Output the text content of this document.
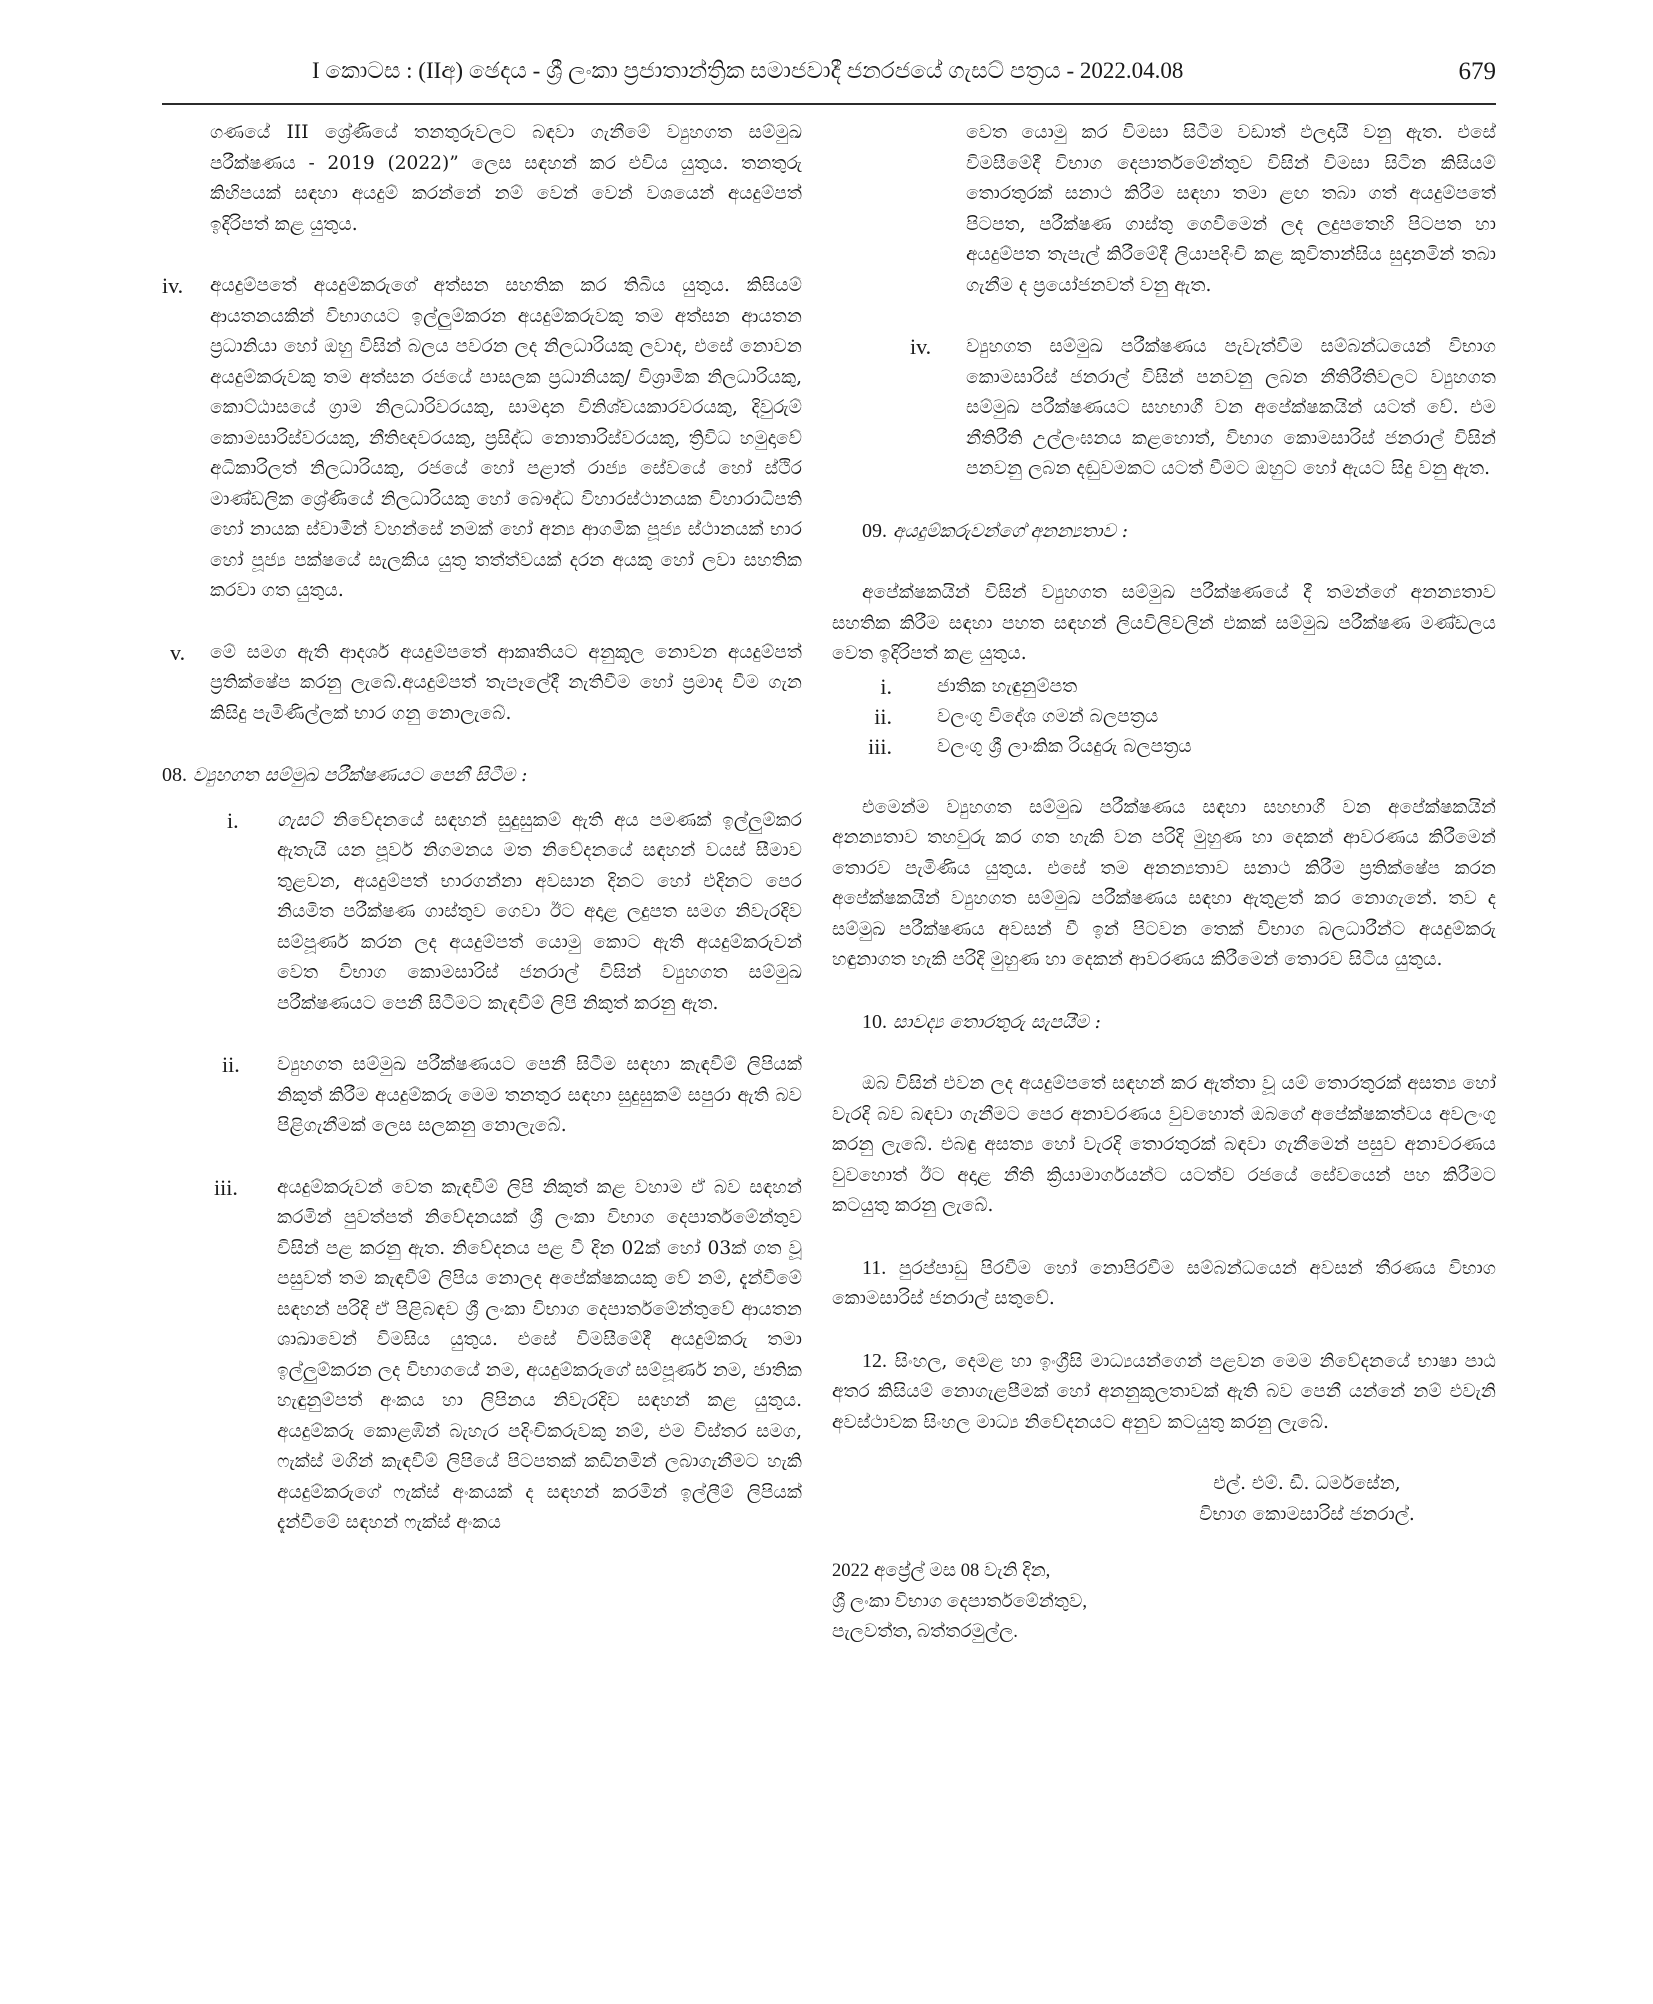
I කොටස : (IIඅ) ඡෙදය - ශ්‍රී ලංකා ප්‍රජාතාන්ත්‍රික සමාජවාදී ජනරජයේ ගැසට් පත්‍රය - 2022.04.08	679

ගණයේ III ශ්‍රේණියේ තනතුරුවලට බඳවා ගැනීමේ ව්‍යුහගත සම්මුඛ පරීක්ෂණය - 2019 (2022)” ලෙස සඳහන් කර එවිය යුතුය. තනතුරු කිහිපයක් සඳහා අයදුම් කරන්නේ නම් වෙන් වෙන් වශයෙන් අයදුම්පත් ඉදිරිපත් කළ යුතුය.

iv. අයදුම්පතේ අයදුම්කරුගේ අත්සන සහතික කර තිබිය යුතුය. කිසියම් ආයතනයකින් විභාගයට ඉල්ලුම්කරන අයදුම්කරුවකු තම අත්සන ආයතන ප්‍රධානියා හෝ ඔහු විසින් බලය පවරන ලද නිලධාරියකු ලවාද, එසේ නොවන අයදුම්කරුවකු තම අත්සන රජයේ පාසලක ප්‍රධානියකු/ විශ්‍රාමික නිලධාරියකු, කොට්ඨාසයේ ග්‍රාම නිලධාරිවරයකු, සාමදාන විනිශ්චයකාරවරයකු, දිවුරුම් කොමසාරිස්වරයකු, නීතිඥවරයකු, ප්‍රසිද්ධ නොතාරිස්වරයකු, ත්‍රිවිධ හමුදාවේ අධිකාරිලත් නිලධාරියකු, රජයේ හෝ පළාත් රාජ්‍ය සේවයේ හෝ ස්ථිර මාණ්ඩලික ශ්‍රේණියේ නිලධාරියකු හෝ බෞද්ධ විහාරස්ථානයක විහාරාධිපති හෝ නායක ස්වාමීන් වහන්සේ නමක් හෝ අන්‍ය ආගමික පූජ්‍ය ස්ථානයක් භාර හෝ පූජ්‍ය පක්ෂයේ සැලකිය යුතු තත්ත්වයක් දරන අයකු හෝ ලවා සහතික කරවා ගත යුතුය.

v. මේ සමග ඇති ආදර්ශ අයදුම්පතේ ආකෘතියට අනුකූල නොවන අයදුම්පත් ප්‍රතික්ෂේප කරනු ලැබේ.අයදුම්පත් තැපෑලේදී නැතිවීම හෝ ප්‍රමාද වීම ගැන කිසිදු පැමිණිල්ලක් භාර ගනු නොලැබේ.

08. ව්‍යුහගත සම්මුඛ පරීක්ෂණයට පෙනී සිටීම :

i. ගැසට් නිවේදනයේ සඳහන් සුදුසුකම් ඇති අය පමණක් ඉල්ලුම්කර ඇතැයි යන පූර්ව නිගමනය මත නිවේදනයේ සඳහන් වයස් සීමාව තුළවන, අයදුම්පත් භාරගන්නා අවසාන දිනට හෝ එදිනට පෙර නියමිත පරීක්ෂණ ගාස්තුව ගෙවා ඊට අදාළ ලදුපත සමග නිවැරදිව සම්පූර්ණ කරන ලද අයදුම්පත් යොමු කොට ඇති අයදුම්කරුවන් වෙත විභාග කොමසාරිස් ජනරාල් විසින් ව්‍යුහගත සම්මුඛ පරීක්ෂණයට පෙනී සිටීමට කැඳවීම් ලිපි නිකුත් කරනු ඇත.

ii. ව්‍යුහගත සම්මුඛ පරීක්ෂණයට පෙනී සිටීම සඳහා කැඳවීම් ලිපියක් නිකුත් කිරීම අයදුම්කරු මෙම තනතුර සඳහා සුදුසුකම් සපුරා ඇති බව පිළිගැනීමක් ලෙස සලකනු නොලැබේ.

iii. අයදුම්කරුවන් වෙත කැඳවීම් ලිපි නිකුත් කළ වහාම ඒ බව සඳහන් කරමින් පුවත්පත් නිවේදනයක් ශ්‍රී ලංකා විභාග දෙපාර්තමේන්තුව විසින් පළ කරනු ඇත. නිවේදනය පළ වී දින 02ක් හෝ 03ක් ගත වූ පසුවත් තම කැඳවීම් ලිපිය නොලද අපේක්ෂකයකු වේ නම්, දැන්වීමේ සඳහන් පරිදි ඒ පිළිබඳව ශ්‍රී ලංකා විභාග දෙපාර්තමේන්තුවේ ආයතන ශාඛාවෙන් විමසිය යුතුය. එසේ විමසීමේදී අයදුම්කරු තමා ඉල්ලුම්කරන ලද විභාගයේ නම, අයදුම්කරුගේ සම්පූර්ණ නම, ජාතික හැඳුනුම්පත් අංකය හා ලිපිනය නිවැරදිව සඳහන් කළ යුතුය. අයදුම්කරු කොළඹින් බැහැර පදිංචිකරුවකු නම්, එම විස්තර සමග, ෆැක්ස් මගින් කැඳවීම් ලිපියේ පිටපතක් කඩිනමින් ලබාගැනීමට හැකි අයදුම්කරුගේ ෆැක්ස් අංකයක් ද සඳහන් කරමින් ඉල්ලීම් ලිපියක් දැන්වීමේ සඳහන් ෆැක්ස් අංකය

වෙත යොමු කර විමසා සිටීම වඩාත් ඵලදායී වනු ඇත. එසේ විමසීමේදී විභාග දෙපාර්තමේන්තුව විසින් විමසා සිටින කිසියම් තොරතුරක් සනාථ කිරීම සඳහා තමා ළඟ තබා ගත් අයදුම්පතේ පිටපත, පරීක්ෂණ ගාස්තු ගෙවීමෙන් ලද ලදුපතෙහි පිටපත හා අයදුම්පත තැපැල් කිරීමේදී ලියාපදිංචි කළ කුවිතාන්සිය සුදානමින් තබා ගැනීම ද ප්‍රයෝජනවත් වනු ඇත.

iv. ව්‍යුහගත සම්මුඛ පරීක්ෂණය පැවැත්වීම සම්බන්ධයෙන් විභාග කොමසාරිස් ජනරාල් විසින් පනවනු ලබන නීතිරීතිවලට ව්‍යුහගත සම්මුඛ පරීක්ෂණයට සහභාගී වන අපේක්ෂකයින් යටත් වේ. එම නීතිරීති උල්ලංඝනය කළහොත්, විභාග කොමසාරිස් ජනරාල් විසින් පනවනු ලබන දඬුවමකට යටත් වීමට ඔහුට හෝ ඇයට සිදු වනු ඇත.

09. අයදුම්කරුවන්ගේ අනන්‍යතාව :

අපේක්ෂකයින් විසින් ව්‍යුහගත සම්මුඛ පරීක්ෂණයේ දී තමන්ගේ අනන්‍යතාව සහතික කිරීම සඳහා පහත සඳහන් ලියවිලිවලින් එකක් සම්මුඛ පරීක්ෂණ මණ්ඩලය වෙත ඉදිරිපත් කළ යුතුය.

i. ජාතික හැඳුනුම්පත
ii. වලංගු විදේශ ගමන් බලපත්‍රය
iii. වලංගු ශ්‍රී ලාංකික රියදුරු බලපත්‍රය

එමෙන්ම ව්‍යුහගත සම්මුඛ පරීක්ෂණය සඳහා සහභාගී වන අපේක්ෂකයින් අනන්‍යතාව තහවුරු කර ගත හැකි වන පරිදි මුහුණ හා දෙකන් ආවරණය කිරීමෙන් තොරව පැමිණිය යුතුය. එසේ තම අනන්‍යතාව සනාථ කිරීම ප්‍රතික්ෂේප කරන අපේක්ෂකයින් ව්‍යුහගත සම්මුඛ පරීක්ෂණය සඳහා ඇතුළත් කර නොගැනේ. තව ද සම්මුඛ පරීක්ෂණය අවසන් වී ඉන් පිටවන තෙක් විභාග බලධාරීන්ට අයදුම්කරු හඳුනාගත හැකි පරිදි මුහුණ හා දෙකන් ආවරණය කිරීමෙන් තොරව සිටිය යුතුය.

10. සාවද්‍ය තොරතුරු සැපයීම :

ඔබ විසින් එවන ලද අයදුම්පතේ සඳහන් කර ඇත්තා වූ යම් තොරතුරක් අසත්‍ය හෝ වැරදි බව බඳවා ගැනීමට පෙර අනාවරණය වුවහොත් ඔබගේ අපේක්ෂකත්වය අවලංගු කරනු ලැබේ. එබඳු අසත්‍ය හෝ වැරදි තොරතුරක් බඳවා ගැනීමෙන් පසුව අනාවරණය වුවහොත් ඊට අදාළ නීති ක්‍රියාමාර්ගයන්ට යටත්ව රජයේ සේවයෙන් පහ කිරීමට කටයුතු කරනු ලැබේ.

11. පුරප්පාඩු පිරවීම හෝ නොපිරවීම සම්බන්ධයෙන් අවසන් තීරණය විභාග කොමසාරිස් ජනරාල් සතුවේ.

12. සිංහල, දෙමළ හා ඉංග්‍රීසි මාධ්‍යයන්ගෙන් පළවන මෙම නිවේදනයේ භාෂා පාඨ අතර කිසියම් නොගැළපීමක් හෝ අනනුකූලතාවක් ඇති බව පෙනී යන්නේ නම් එවැනි අවස්ථාවක සිංහල මාධ්‍ය නිවේදනයට අනුව කටයුතු කරනු ලැබේ.

එල්. එම්. ඩී. ධර්මසේන,
විභාග කොමසාරිස් ජනරාල්.
2022 අප්‍රේල් මස 08 වැනි දින,
ශ්‍රී ලංකා විභාග දෙපාර්තමේන්තුව,
පැලවත්ත, බත්තරමුල්ල.
